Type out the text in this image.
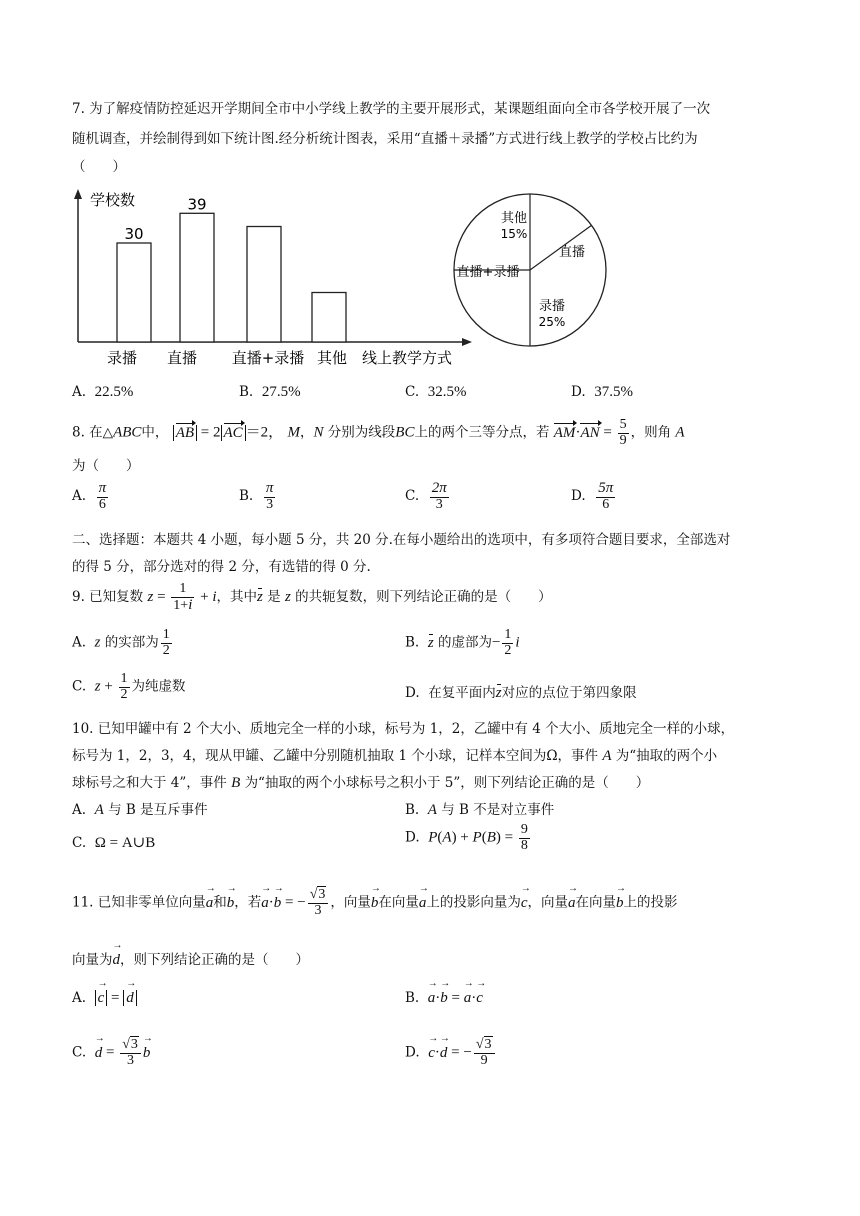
7. 为了解疫情防控延迟开学期间全市中小学线上教学的主要开展形式，某课题组面向全市各学校开展了一次
随机调查，并绘制得到如下统计图.经分析统计图表，采用“直播＋录播”方式进行线上教学的学校占比约为
（　　）
学校数
30
39
录播 直播 直播+录播 其他 线上教学方式
其他
15%
直播
录播
25%
直播+录播
A. 22.5%	B. 27.5%	C. 32.5%	D. 37.5%
8. 在△ABC中， AB = 2 AC ＝2， M，N 分别为线段BC上的两个三等分点，若 $AM\cdot AN = \frac{5}{9}$ ，则角 A
为（　　）
A. $\frac{\pi}{6}$	B. $\frac{\pi}{3}$	C. $\frac{2\pi}{3}$	D. $\frac{5\pi}{6}$
二、选择题：本题共 4 小题，每小题 5 分，共 20 分.在每小题给出的选项中，有多项符合题目要求，全部选对
的得 5 分，部分选对的得 2 分，有选错的得 0 分.
9. 已知复数 $z = \frac{1}{1+i} + i$，其中z 是 z 的共轭复数，则下列结论正确的是（　　）
A. z 的实部为 $\frac{1}{2}$	B. z 的虚部为− $\frac{1}{2}$ i
C. $z + \frac{1}{2}$ 为纯虚数	D. 在复平面内z对应的点位于第四象限
10. 已知甲罐中有 2 个大小、质地完全一样的小球，标号为 1，2，乙罐中有 4 个大小、质地完全一样的小球，
标号为 1，2，3，4，现从甲罐、乙罐中分别随机抽取 1 个小球，记样本空间为Ω，事件 A 为“抽取的两个小
球标号之和大于 4”，事件 B 为“抽取的两个小球标号之积小于 5”，则下列结论正确的是（　　）
A.  A 与 B 是互斥事件	B.  A 与 B 不是对立事件
C.  Ω = A∪B	D.  $P(A) + P(B) = \frac{9}{8}$
11. 已知非零单位向量→ a和→ b，若→ a·→ b = − $\frac{√3}{3}$ ，向量→ b在向量→ a上的投影向量为→ c，向量→ a在向量→ b上的投影
向量为→ d，则下列结论正确的是（　　）
A.  → c = → d	B.  → a·→ b = → a·→ c
C.  → $d = \frac{√3}{3}$
→ b	D.  → c·→ d = − $\frac{√3}{9}$
